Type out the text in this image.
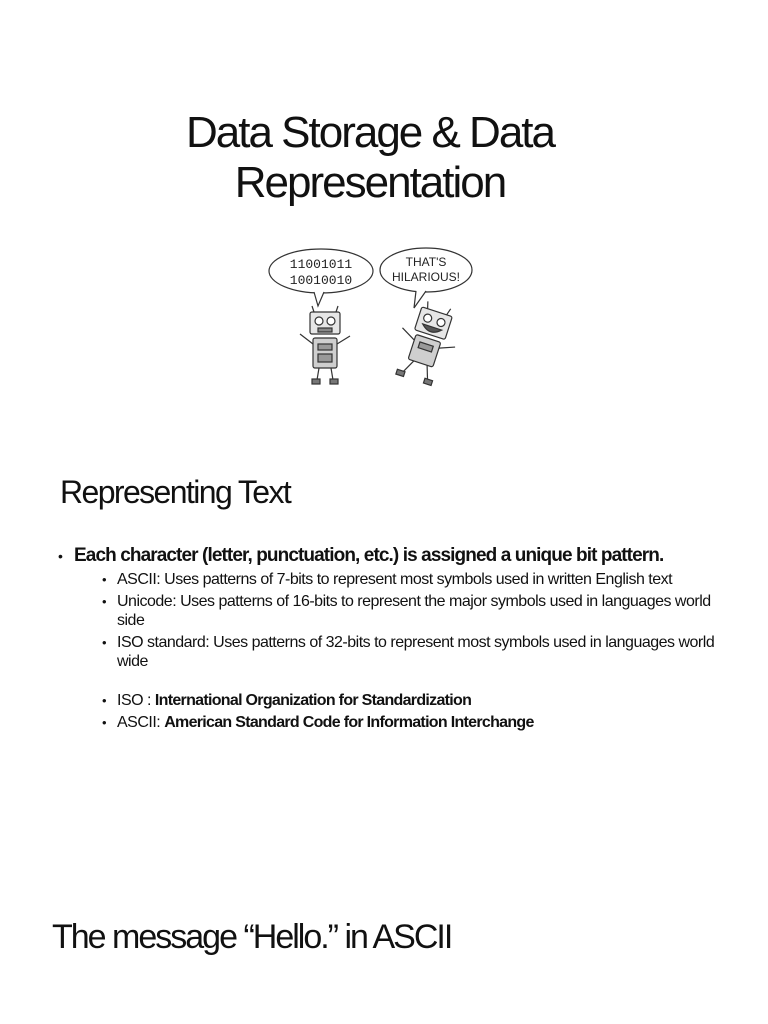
Data Storage & Data
Representation
11001011
10010010
THAT'S
HILARIOUS!
Representing Text
• Each character (letter, punctuation, etc.) is assigned a unique bit pattern.
• ASCII: Uses patterns of 7-bits to represent most symbols used in written English text
• Unicode: Uses patterns of 16-bits to represent the major symbols used in languages world side
• ISO standard: Uses patterns of 32-bits to represent most symbols used in languages world wide
• ISO : International Organization for Standardization
• ASCII: American Standard Code for Information Interchange
The message “Hello.” in ASCII
